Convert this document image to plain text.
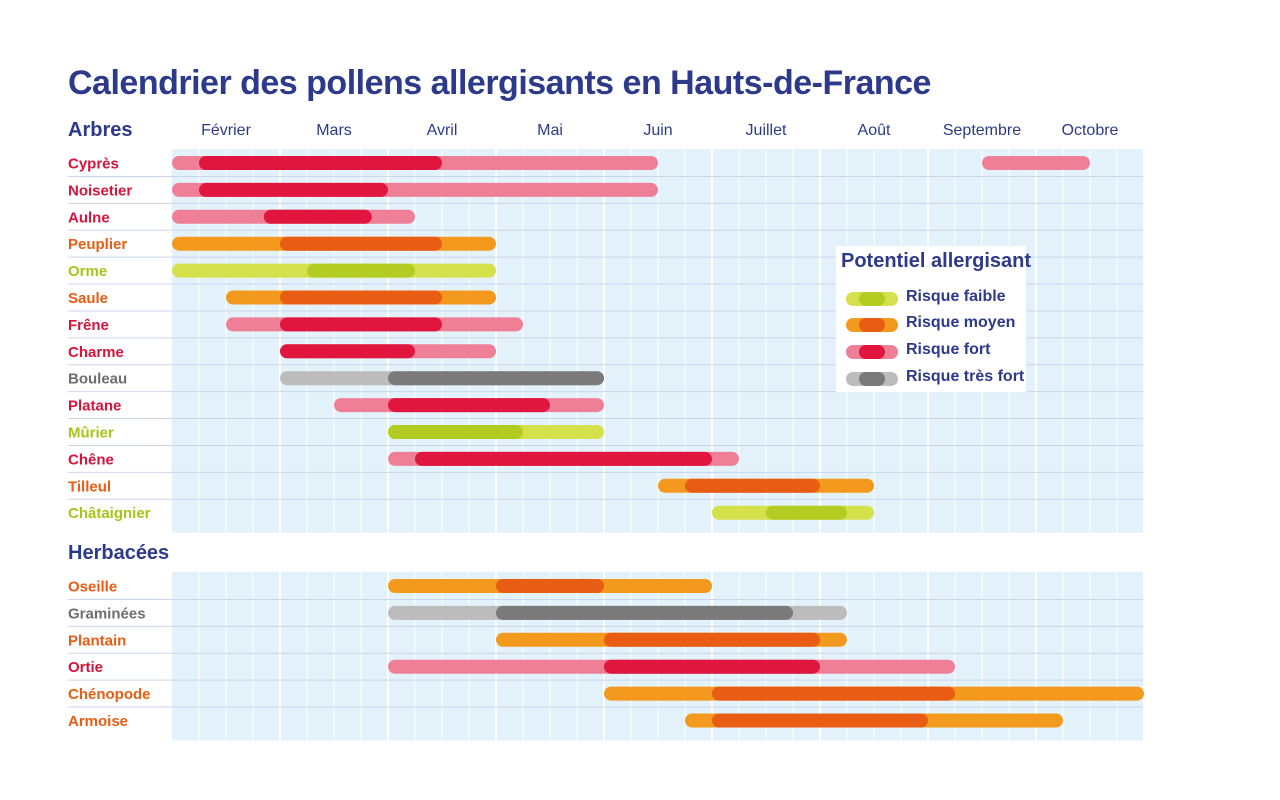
Calendrier des pollens allergisants en Hauts-de-France
Arbres
Herbacées
Février	Mars	Avril	Mai	Juin	Juillet	Août	Septembre	Octobre
Cyprès
Noisetier
Aulne
Peuplier
Orme
Saule
Frêne
Charme
Bouleau
Platane
Mûrier
Chêne
Tilleul
Châtaignier
Oseille
Graminées
Plantain
Ortie
Chénopode
Armoise
Potentiel allergisant
Risque faible
Risque moyen
Risque fort
Risque très fort
